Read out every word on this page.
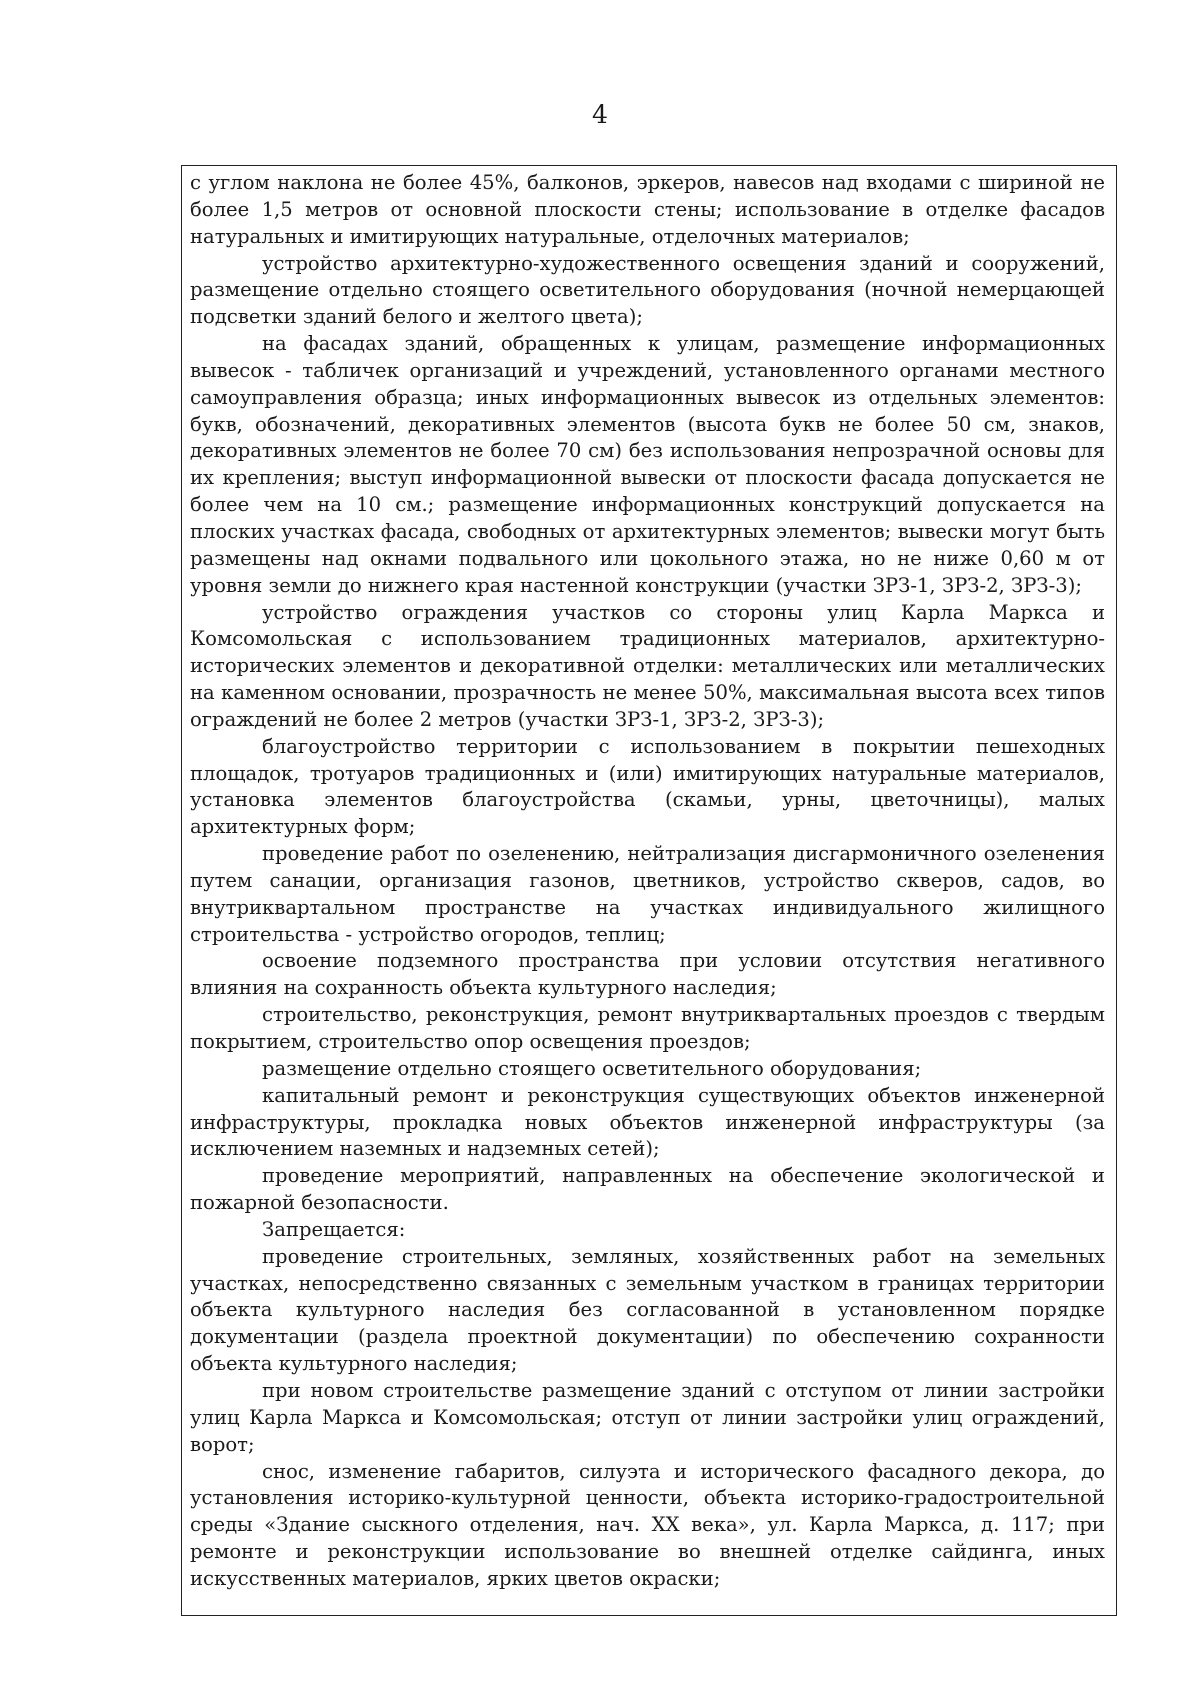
4

с углом наклона не более 45%, балконов, эркеров, навесов над входами с шириной не более 1,5 метров от основной плоскости стены; использование в отделке фасадов натуральных и имитирующих натуральные, отделочных материалов;

устройство архитектурно-художественного освещения зданий и сооружений, размещение отдельно стоящего осветительного оборудования (ночной немерцающей подсветки зданий белого и желтого цвета);

на фасадах зданий, обращенных к улицам, размещение информационных вывесок - табличек организаций и учреждений, установленного органами местного самоуправления образца; иных информационных вывесок из отдельных элементов: букв, обозначений, декоративных элементов (высота букв не более 50 см, знаков, декоративных элементов не более 70 см) без использования непрозрачной основы для их крепления; выступ информационной вывески от плоскости фасада допускается не более чем на 10 см.; размещение информационных конструкций допускается на плоских участках фасада, свободных от архитектурных элементов; вывески могут быть размещены над окнами подвального или цокольного этажа, но не ниже 0,60 м от уровня земли до нижнего края настенной конструкции (участки ЗРЗ-1, ЗРЗ-2, ЗРЗ-3);

устройство ограждения участков со стороны улиц Карла Маркса и Комсомольская с использованием традиционных материалов, архитектурно-исторических элементов и декоративной отделки: металлических или металлических на каменном основании, прозрачность не менее 50%, максимальная высота всех типов ограждений не более 2 метров (участки ЗРЗ-1, ЗРЗ-2, ЗРЗ-3);

благоустройство территории с использованием в покрытии пешеходных площадок, тротуаров традиционных и (или) имитирующих натуральные материалов, установка элементов благоустройства (скамьи, урны, цветочницы), малых архитектурных форм;

проведение работ по озеленению, нейтрализация дисгармоничного озеленения путем санации, организация газонов, цветников, устройство скверов, садов, во внутриквартальном пространстве на участках индивидуального жилищного строительства - устройство огородов, теплиц;

освоение подземного пространства при условии отсутствия негативного влияния на сохранность объекта культурного наследия;

строительство, реконструкция, ремонт внутриквартальных проездов с твердым покрытием, строительство опор освещения проездов;

размещение отдельно стоящего осветительного оборудования;

капитальный ремонт и реконструкция существующих объектов инженерной инфраструктуры, прокладка новых объектов инженерной инфраструктуры (за исключением наземных и надземных сетей);

проведение мероприятий, направленных на обеспечение экологической и пожарной безопасности.

Запрещается:

проведение строительных, земляных, хозяйственных работ на земельных участках, непосредственно связанных с земельным участком в границах территории объекта культурного наследия без согласованной в установленном порядке документации (раздела проектной документации) по обеспечению сохранности объекта культурного наследия;

при новом строительстве размещение зданий с отступом от линии застройки улиц Карла Маркса и Комсомольская; отступ от линии застройки улиц ограждений, ворот;

снос, изменение габаритов, силуэта и исторического фасадного декора, до установления историко-культурной ценности, объекта историко-градостроительной среды «Здание сыскного отделения, нач. XX века», ул. Карла Маркса, д. 117; при ремонте и реконструкции использование во внешней отделке сайдинга, иных искусственных материалов, ярких цветов окраски;
